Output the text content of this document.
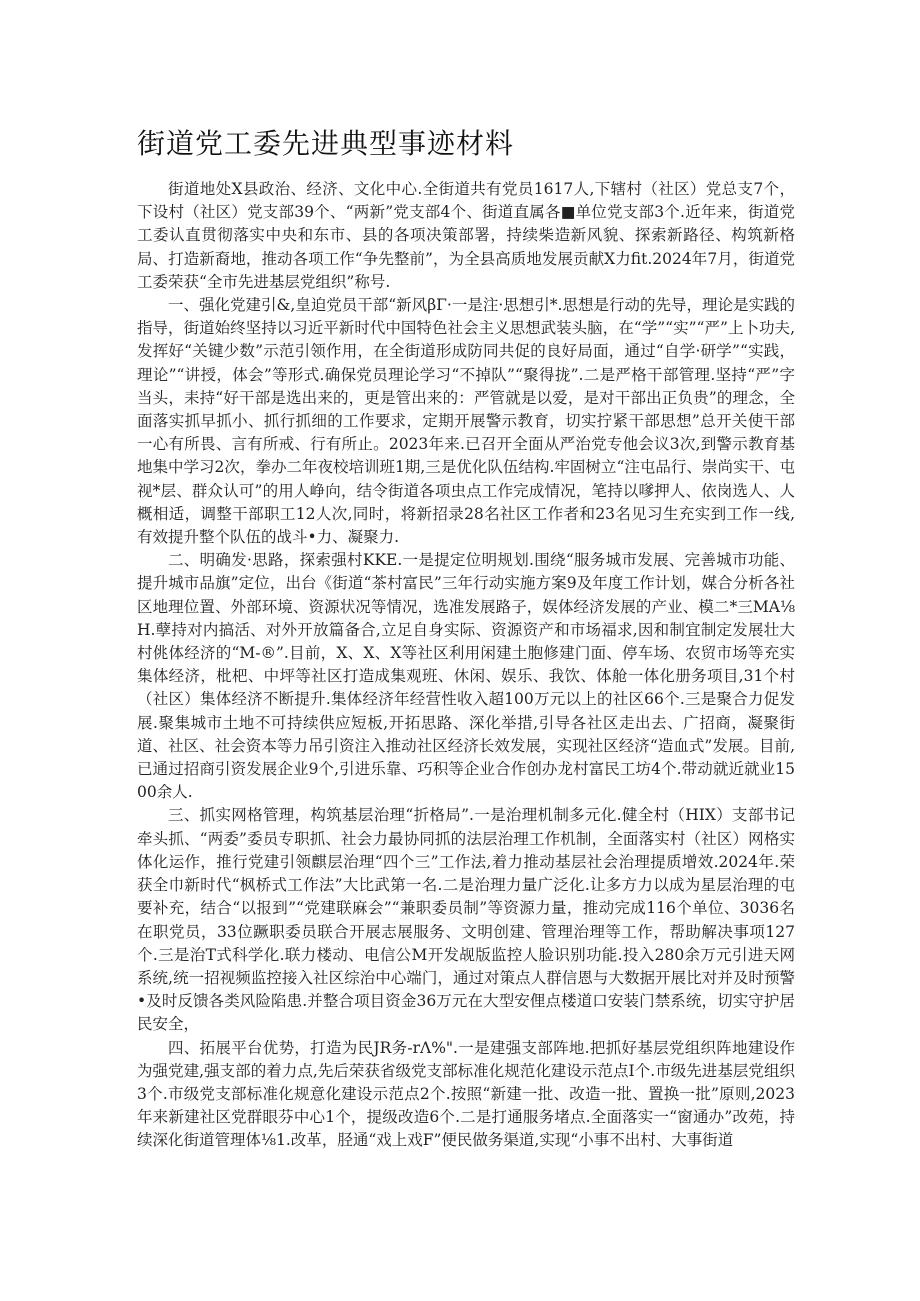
街道党工委先进典型事迹材料

街道地处X县政治、经济、文化中心.全街道共有党员1617人,下辖村（社区）党总支7个，下设村（社区）党支部39个、“两新”党支部4个、街道直属各■单位党支部3个.近年来，街道党工委认直贯彻落实中央和东市、县的各项决策部署，持续柴造新风貌、探索新路径、构筑新格局、打造新裔地，推动各项工作“争先整前”，为全县高质地发展贡献X力fit.2024年7月，街道党工委荣获“全市先进基层党组织”称号.

一、强化党建引&,皇迫党员干部“新风βΓ·一是注·思想引*.思想是行动的先导，理论是实践的指导，街道始终坚持以习近平新时代中国特色社会主义思想武装头脑，在“学”“实”“严”上卜功夫,发挥好“关键少数”示范引领作用，在全街道形成防同共促的良好局面，通过“自学·研学”“实践，理论”“讲授，体会”等形式.确保党员理论学习“不掉队”“聚得拢”.二是严格干部管理.坚持“严”字当头，耒持“好干部是选出来的，更是管出来的：严管就是以爱，是对干部出正负贵”的理念，全面落实抓早抓小、抓行抓细的工作要求，定期开展警示教育，切实拧紧干部思想”总开关使干部一心有所畏、言有所戒、行有所止。2023年来.已召开全面从严治党专他会议3次,到警示教育基地集中学习2次，拳办二年夜校培训班1期,三是优化队伍结构.牢固树立“注屯品行、崇尚实干、屯视*层、群众认可”的用人峥向，结令街道各项虫点工作完成情况，笔持以嗲押人、依岗选人、人概相适，调整干部职工12人次,同时，将新招录28名社区工作者和23名见习生充实到工作一线,有效提升整个队伍的战斗•力、凝聚力.

二、明确发·思路，探索强村KKE.一是提定位明规划.围绕“服务城市发展、完善城市功能、提升城市品旗”定位，出台《街道“茶村富民”三年行动实施方案9及年度工作计划，媒合分析各社区地理位置、外部环境、资源状况等情况，选准发展路子，娱体经济发展的产业、模二*三MA⅛H.孽持对内搞活、对外开放篇备合,立足自身实际、资源资产和市场福求,因和制宜制定发展壮大村佻体经济的“M-®”.目前，X、X、X等社区利用闲建土胞修建门面、停车场、农贸市场等充实集体经济，枇杷、中坪等社区打造成集观班、休闲、娱乐、我饮、体舱一体化册务项目,31个村（社区）集体经济不断提升.集体经济年经营性收入超100万元以上的社区66个.三是聚合力促发展.聚集城市土地不可持续供应短板,开拓思路、深化举措,引导各社区走出去、广招商，凝聚街道、社区、社会资本等力吊引资注入推动社区经济长效发展，实现社区经济“造血式”发展。目前,已通过招商引资发展企业9个,引进乐靠、巧积等企业合作创办龙村富民工坊4个.带动就近就业1500余人.

三、抓实网格管理，构筑基层治理“折格局”.一是治理机制多元化.健全村（HIX）支部书记牵头抓、“两委”委员专职抓、社会力最协同抓的法层治理工作机制，全面落实村（社区）网格实体化运作，推行党建引领麒层治理“四个三”工作法,着力推动基层社会治理提质增效.2024年.荣获全巾新时代“枫桥式工作法”大比武第一名.二是治理力量广泛化.让多方力以成为星层治理的屯要补充，结合“以报到”“党建联麻会”“兼职委员制”等资源力量，推动完成116个单位、3036名在职党员，33位蹶职委员联合开展志展服务、文明创建、管理治理等工作，帮助解决事项127个.三是治T式科学化.联力楼动、电信公M开发觇版监控人脸识别功能.投入280余万元引进天网系统,统一招视频监控接入社区综治中心端门，通过对策点人群信恩与大数据开展比对并及时预警•及时反馈各类风险陷患.并整合项目资金36万元在大型安俚点楼道口安装门禁系统，切实守护居民安全，

四、拓展平台优势，打造为民JR务-rΛ%".一是建强支部阵地.把抓好基层党组织阵地建设作为强党建,强支部的着力点,先后荣获省级党支部标准化规范化建设示范点I个.市级先进基层党组织3个.市级党支部标准化规意化建设示范点2个.按照“新建一批、改造一批、置换一批”原则,2023年来新建社区党群眼芬中心1个，提级改造6个.二是打通服务堵点.全面落实一“窗通办”改苑，持续深化街道管理体⅛1.改革，胫通“戏上戏F”便民做务渠道,实现“小事不出村、大事街道
